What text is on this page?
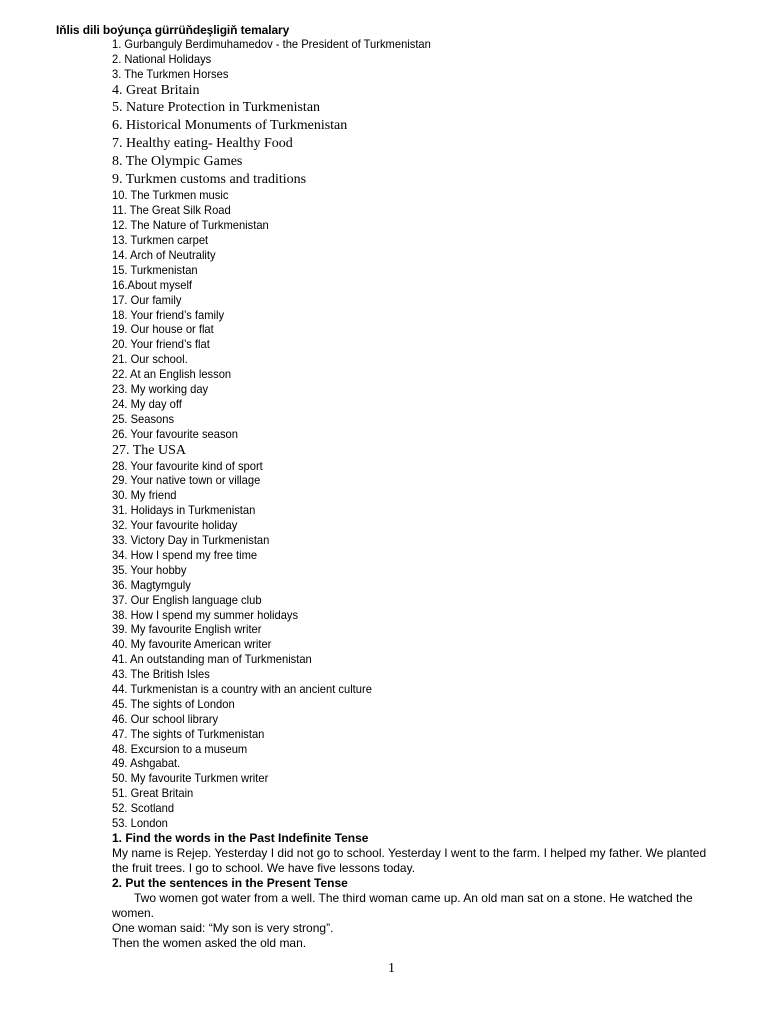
Iňlis dili boýunça gürrüňdeşligiň temalary
1. Gurbanguly Berdimuhamedov - the President of Turkmenistan
2. National Holidays
3. The Turkmen Horses
4. Great Britain
5. Nature Protection in Turkmenistan
6. Historical Monuments of Turkmenistan
7. Healthy eating- Healthy Food
8. The Olympic Games
9. Turkmen customs and traditions
10. The Turkmen music
11. The Great Silk Road
12. The Nature of Turkmenistan
13. Turkmen carpet
14. Arch of Neutrality
15. Turkmenistan
16.About myself
17. Our family
18. Your friend’s family
19. Our house or flat
20. Your friend’s flat
21. Our school.
22. At an English lesson
23. My working day
24. My day off
25. Seasons
26. Your favourite season
27. The USA
28. Your favourite kind of sport
29. Your native town or village
30. My friend
31. Holidays in Turkmenistan
32. Your favourite holiday
33. Victory Day in Turkmenistan
34. How I spend my free time
35. Your hobby
36. Magtymguly
37. Our English language club
38. How I spend my summer holidays
39. My favourite English writer
40. My favourite American writer
41. An outstanding man of Turkmenistan
43. The British Isles
44. Turkmenistan is a country with an ancient culture
45. The sights of London
46. Our school library
47. The sights of Turkmenistan
48. Excursion to a museum
49. Ashgabat.
50. My favourite Turkmen writer
51. Great Britain
52. Scotland
53. London
1. Find the words in the Past Indefinite Tense

My name is Rejep. Yesterday I did not go to school. Yesterday I went to the farm. I helped my father. We planted the fruit trees. I go to school. We have five lessons today.

2. Put the sentences in the Present Tense

Two women got water from a well. The third woman came up. An old man sat on a stone. He watched the women.

One woman said: “My son is very strong”.

Then the women asked the old man.

1
